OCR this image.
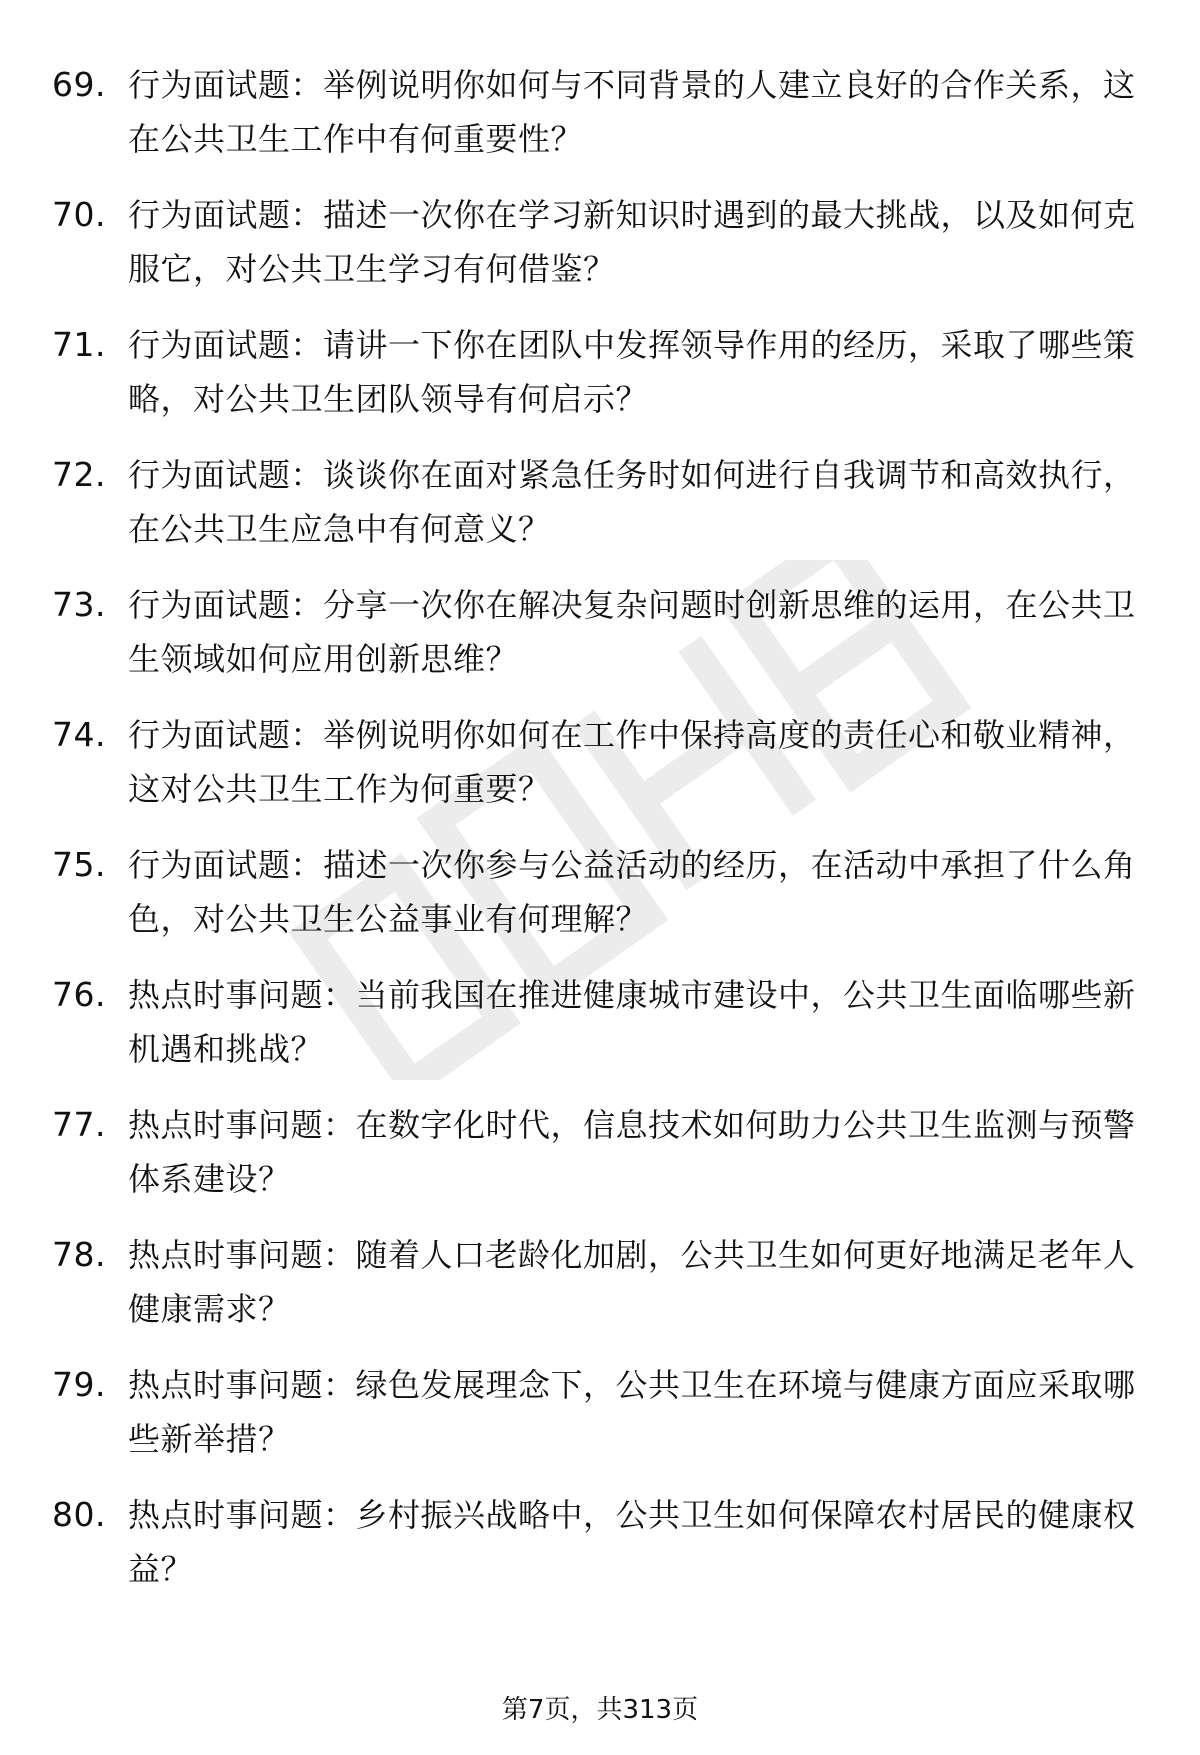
69. 行为面试题：举例说明你如何与不同背景的人建立良好的合作关系，这在公共卫生工作中有何重要性？
70. 行为面试题：描述一次你在学习新知识时遇到的最大挑战，以及如何克服它，对公共卫生学习有何借鉴？
71. 行为面试题：请讲一下你在团队中发挥领导作用的经历，采取了哪些策略，对公共卫生团队领导有何启示？
72. 行为面试题：谈谈你在面对紧急任务时如何进行自我调节和高效执行，在公共卫生应急中有何意义？
73. 行为面试题：分享一次你在解决复杂问题时创新思维的运用，在公共卫生领域如何应用创新思维？
74. 行为面试题：举例说明你如何在工作中保持高度的责任心和敬业精神，这对公共卫生工作为何重要？
75. 行为面试题：描述一次你参与公益活动的经历，在活动中承担了什么角色，对公共卫生公益事业有何理解？
76. 热点时事问题：当前我国在推进健康城市建设中，公共卫生面临哪些新机遇和挑战？
77. 热点时事问题：在数字化时代，信息技术如何助力公共卫生监测与预警体系建设？
78. 热点时事问题：随着人口老龄化加剧，公共卫生如何更好地满足老年人健康需求？
79. 热点时事问题：绿色发展理念下，公共卫生在环境与健康方面应采取哪些新举措？
80. 热点时事问题：乡村振兴战略中，公共卫生如何保障农村居民的健康权益？
第7页，共313页
